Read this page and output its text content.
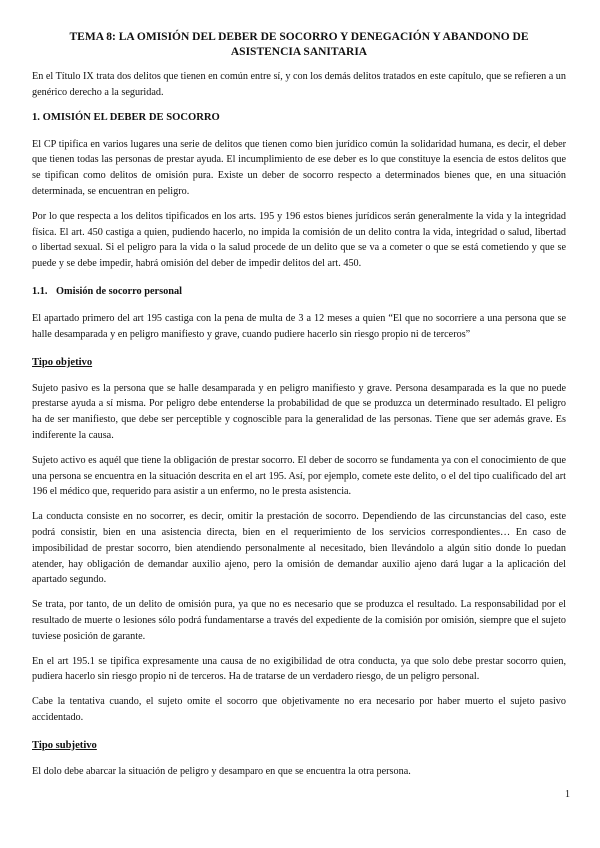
TEMA 8: LA OMISIÓN DEL DEBER DE SOCORRO Y DENEGACIÓN Y ABANDONO DE ASISTENCIA SANITARIA

En el Título IX trata dos delitos que tienen en común entre sí, y con los demás delitos tratados en este capítulo, que se refieren a un genérico derecho a la seguridad.

1. OMISIÓN EL DEBER DE SOCORRO

El CP tipifica en varios lugares una serie de delitos que tienen como bien jurídico común la solidaridad humana, es decir, el deber que tienen todas las personas de prestar ayuda. El incumplimiento de ese deber es lo que constituye la esencia de estos delitos que se tipifican como delitos de omisión pura. Existe un deber de socorro respecto a determinados bienes que, en una situación determinada, se encuentran en peligro.

Por lo que respecta a los delitos tipificados en los arts. 195 y 196 estos bienes jurídicos serán generalmente la vida y la integridad física. El art. 450 castiga a quien, pudiendo hacerlo, no impida la comisión de un delito contra la vida, integridad o salud, libertad o libertad sexual. Si el peligro para la vida o la salud procede de un delito que se va a cometer o que se está cometiendo y que se puede y se debe impedir, habrá omisión del deber de impedir delitos del art. 450.

1.1. Omisión de socorro personal

El apartado primero del art 195 castiga con la pena de multa de 3 a 12 meses a quien “El que no socorriere a una persona que se halle desamparada y en peligro manifiesto y grave, cuando pudiere hacerlo sin riesgo propio ni de terceros”

Tipo objetivo

Sujeto pasivo es la persona que se halle desamparada y en peligro manifiesto y grave. Persona desamparada es la que no puede prestarse ayuda a sí misma. Por peligro debe entenderse la probabilidad de que se produzca un determinado resultado. El peligro ha de ser manifiesto, que debe ser perceptible y cognoscible para la generalidad de las personas. Tiene que ser además grave. Es indiferente la causa.

Sujeto activo es aquél que tiene la obligación de prestar socorro. El deber de socorro se fundamenta ya con el conocimiento de que una persona se encuentra en la situación descrita en el art 195. Así, por ejemplo, comete este delito, o el del tipo cualificado del art 196 el médico que, requerido para asistir a un enfermo, no le presta asistencia.

La conducta consiste en no socorrer, es decir, omitir la prestación de socorro. Dependiendo de las circunstancias del caso, este podrá consistir, bien en una asistencia directa, bien en el requerimiento de los servicios correspondientes… En caso de imposibilidad de prestar socorro, bien atendiendo personalmente al necesitado, bien llevándolo a algún sitio donde lo puedan atender, hay obligación de demandar auxilio ajeno, pero la omisión de demandar auxilio ajeno dará lugar a la aplicación del apartado segundo.

Se trata, por tanto, de un delito de omisión pura, ya que no es necesario que se produzca el resultado. La responsabilidad por el resultado de muerte o lesiones sólo podrá fundamentarse a través del expediente de la comisión por omisión, siempre que el sujeto tuviese posición de garante.

En el art 195.1 se tipifica expresamente una causa de no exigibilidad de otra conducta, ya que solo debe prestar socorro quien, pudiera hacerlo sin riesgo propio ni de terceros. Ha de tratarse de un verdadero riesgo, de un peligro personal.

Cabe la tentativa cuando, el sujeto omite el socorro que objetivamente no era necesario por haber muerto el sujeto pasivo accidentado.

Tipo subjetivo

El dolo debe abarcar la situación de peligro y desamparo en que se encuentra la otra persona.

1
